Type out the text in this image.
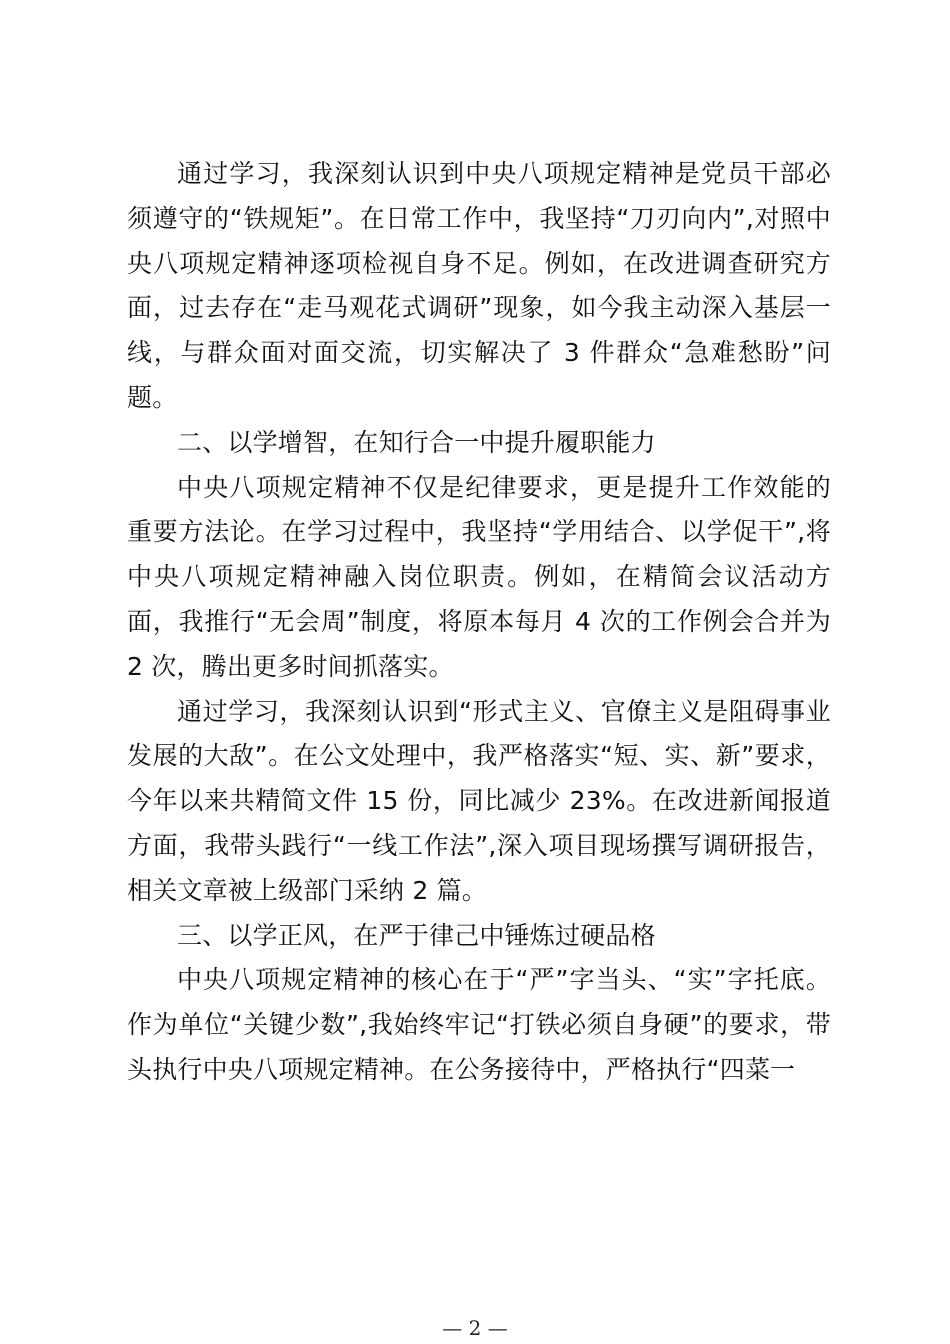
通过学习，我深刻认识到中央八项规定精神是党员干部必
须遵守的“铁规矩”。在日常工作中，我坚持“刀刃向内”,对照中
央八项规定精神逐项检视自身不足。例如，在改进调查研究方
面，过去存在“走马观花式调研”现象，如今我主动深入基层一
线，与群众面对面交流，切实解决了 3 件群众“急难愁盼”问
题。
二、以学增智，在知行合一中提升履职能力
中央八项规定精神不仅是纪律要求，更是提升工作效能的
重要方法论。在学习过程中，我坚持“学用结合、以学促干”,将
中央八项规定精神融入岗位职责。例如，在精简会议活动方
面，我推行“无会周”制度，将原本每月 4 次的工作例会合并为
2 次，腾出更多时间抓落实。
通过学习，我深刻认识到“形式主义、官僚主义是阻碍事业
发展的大敌”。在公文处理中，我严格落实“短、实、新”要求，
今年以来共精简文件 15 份，同比减少 23%。在改进新闻报道
方面，我带头践行“一线工作法”,深入项目现场撰写调研报告，
相关文章被上级部门采纳 2 篇。
三、以学正风，在严于律己中锤炼过硬品格
中央八项规定精神的核心在于“严”字当头、“实”字托底。
作为单位“关键少数”,我始终牢记“打铁必须自身硬”的要求，带
头执行中央八项规定精神。在公务接待中，严格执行“四菜一
— 2 —
